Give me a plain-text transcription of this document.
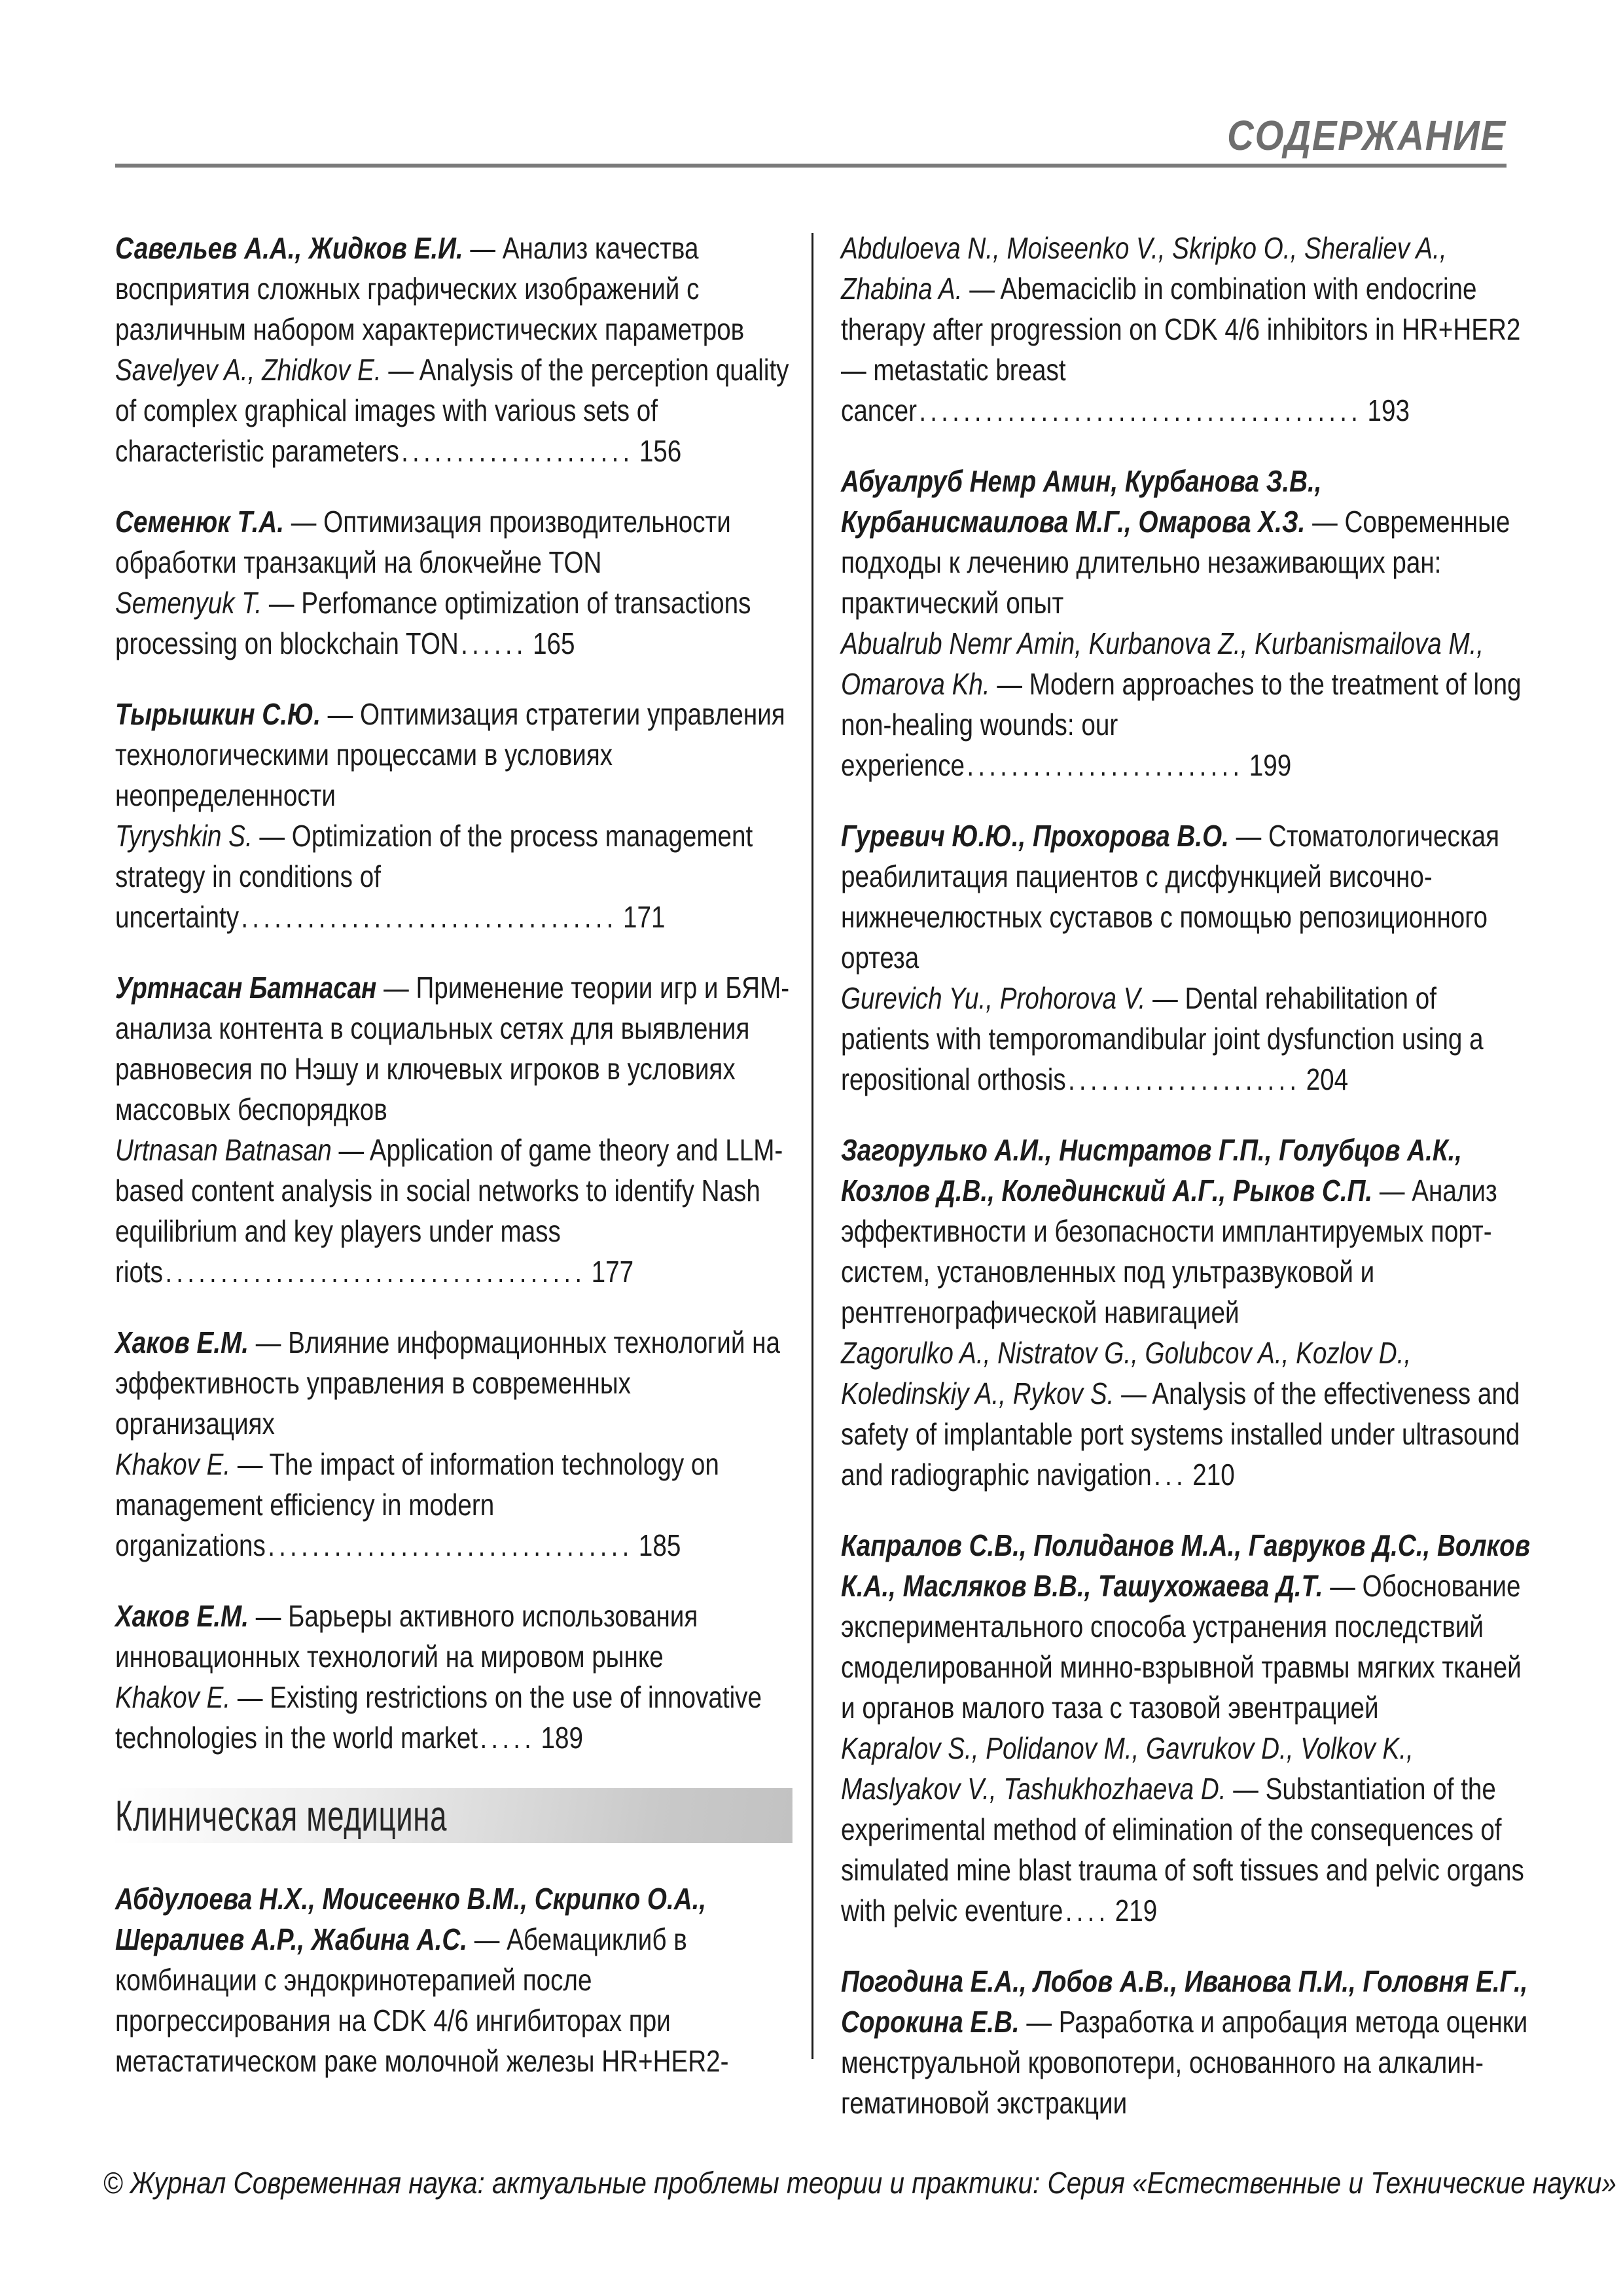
СОДЕРЖАНИЕ

Савельев А.А., Жидков Е.И. — Анализ качества восприятия сложных графических изображений с различным набором характеристических параметров

Savelyev A., Zhidkov E. — Analysis of the perception quality of complex graphical images with various sets of characteristic parameters..................... 156

Семенюк Т.А. — Оптимизация производительности обработки транзакций на блокчейне TON

Semenyuk T. — Perfomance optimization of transactions processing on blockchain TON...... 165

Тырышкин С.Ю. — Оптимизация стратегии управления технологическими процессами в условиях неопределенности

Tyryshkin S. — Optimization of the process management strategy in conditions of uncertainty.................................. 171

Уртнасан Батнасан — Применение теории игр и БЯМ-анализа контента в социальных сетях для выявления равновесия по Нэшу и ключевых игроков в условиях массовых беспорядков

Urtnasan Batnasan — Application of game theory and LLM-based content analysis in social networks to identify Nash equilibrium and key players under mass riots...................................... 177

Хаков Е.М. — Влияние информационных технологий на эффективность управления в современных организациях

Khakov E. — The impact of information technology on management efficiency in modern organizations................................. 185

Хаков Е.М. — Барьеры активного использования инновационных технологий на мировом рынке

Khakov E. — Existing restrictions on the use of innovative technologies in the world market..... 189

Клиническая медицина

Абдулоева Н.Х., Моисеенко В.М., Скрипко О.А., Шералиев А.Р., Жабина А.С. — Абемациклиб в комбинации с эндокринотерапией после прогрессирования на CDK 4/6 ингибиторах при метастатическом раке молочной железы HR+HER2-

Abduloeva N., Moiseenko V., Skripko O., Sheraliev A., Zhabina A. — Abemaciclib in combination with endocrine therapy after progression on CDK 4/6 inhibitors in HR+HER2— metastatic breast cancer........................................ 193

Абуалруб Немр Амин, Курбанова З.В., Курбанисмаилова М.Г., Омарова Х.З. — Современные подходы к лечению длительно незаживающих ран: практический опыт

Abualrub Nemr Amin, Kurbanova Z., Kurbanismailova M., Omarova Kh. — Modern approaches to the treatment of long non-healing wounds: our experience......................... 199

Гуревич Ю.Ю., Прохорова В.О. — Стоматологическая реабилитация пациентов с дисфункцией височно-нижнечелюстных суставов с помощью репозиционного ортеза

Gurevich Yu., Prohorova V. — Dental rehabilitation of patients with temporomandibular joint dysfunction using a repositional orthosis..................... 204

Загорулько А.И., Нистратов Г.П., Голубцов А.К., Козлов Д.В., Колединский А.Г., Рыков С.П. — Анализ эффективности и безопасности имплантируемых порт-систем, установленных под ультразвуковой и рентгенографической навигацией

Zagorulko A., Nistratov G., Golubcov A., Kozlov D., Koledinskiy A., Rykov S. — Analysis of the effectiveness and safety of implantable port systems installed under ultrasound and radiographic navigation... 210

Капралов С.В., Полиданов М.А., Гавруков Д.С., Волков К.А., Масляков В.В., Ташухожаева Д.Т. — Обоснование экспериментального способа устранения последствий смоделированной минно-взрывной травмы мягких тканей и органов малого таза с тазовой эвентрацией

Kapralov S., Polidanov M., Gavrukov D., Volkov K., Maslyakov V., Tashukhozhaeva D. — Substantiation of the experimental method of elimination of the consequences of simulated mine blast trauma of soft tissues and pelvic organs with pelvic eventure.... 219

Погодина Е.А., Лобов А.В., Иванова П.И., Головня Е.Г., Сорокина Е.В. — Разработка и апробация метода оценки менструальной кровопотери, основанного на алкалин-гематиновой экстракции

© Журнал Современная наука: актуальные проблемы теории и практики: Серия «Естественные и Технические науки»
